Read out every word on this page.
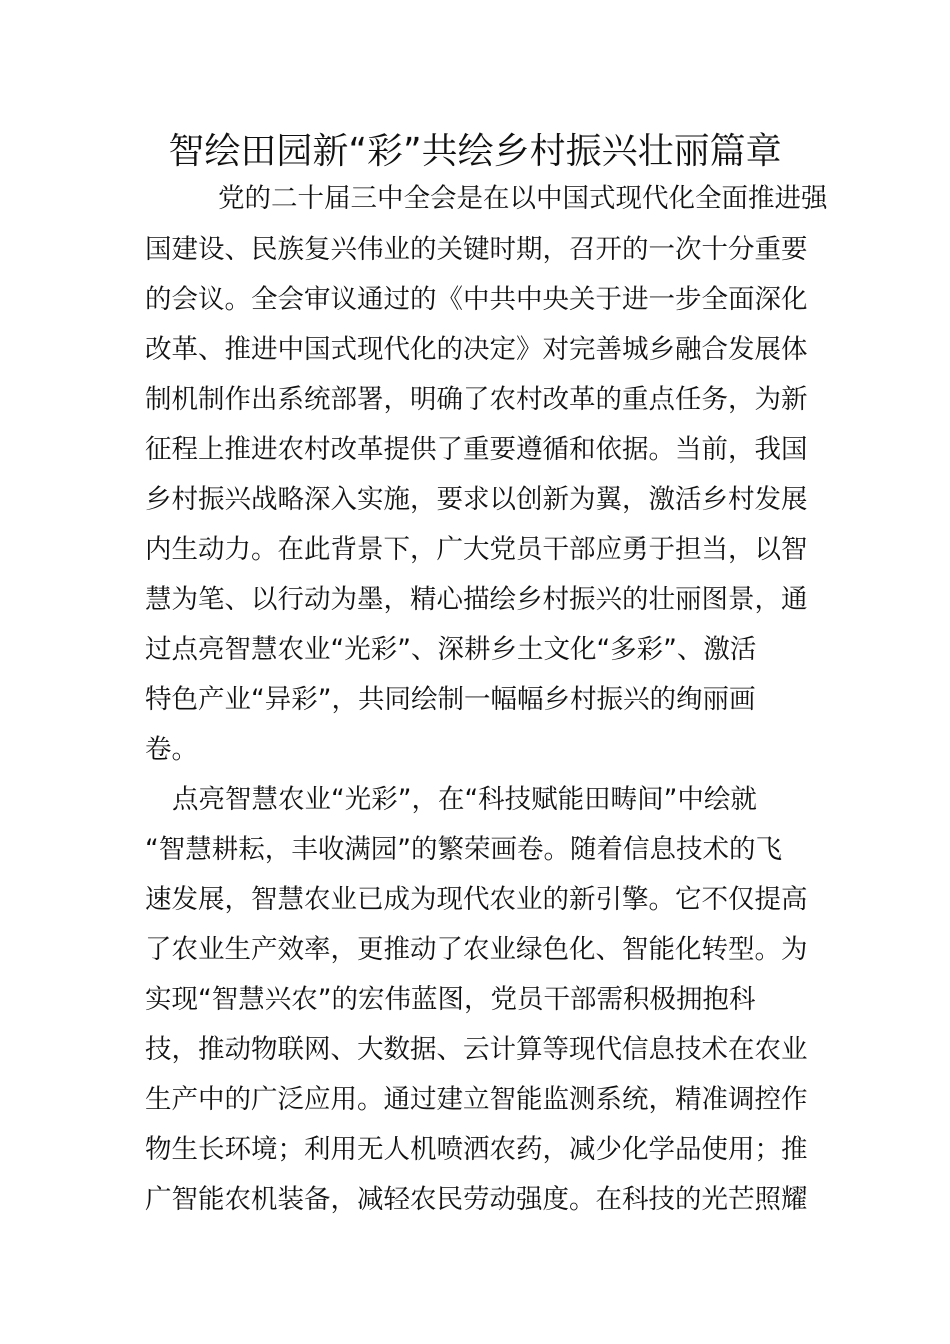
智绘田园新“彩”共绘乡村振兴壮丽篇章

党的二十届三中全会是在以中国式现代化全面推进强

国建设、民族复兴伟业的关键时期，召开的一次十分重要

的会议。全会审议通过的《中共中央关于进一步全面深化

改革、推进中国式现代化的决定》对完善城乡融合发展体

制机制作出系统部署，明确了农村改革的重点任务，为新

征程上推进农村改革提供了重要遵循和依据。当前，我国

乡村振兴战略深入实施，要求以创新为翼，激活乡村发展

内生动力。在此背景下，广大党员干部应勇于担当，以智

慧为笔、以行动为墨，精心描绘乡村振兴的壮丽图景，通

过点亮智慧农业“光彩”、深耕乡土文化“多彩”、激活

特色产业“异彩”，共同绘制一幅幅乡村振兴的绚丽画

卷。

点亮智慧农业“光彩”，在“科技赋能田畴间”中绘就

“智慧耕耘，丰收满园”的繁荣画卷。随着信息技术的飞

速发展，智慧农业已成为现代农业的新引擎。它不仅提高

了农业生产效率，更推动了农业绿色化、智能化转型。为

实现“智慧兴农”的宏伟蓝图，党员干部需积极拥抱科

技，推动物联网、大数据、云计算等现代信息技术在农业

生产中的广泛应用。通过建立智能监测系统，精准调控作

物生长环境；利用无人机喷洒农药，减少化学品使用；推

广智能农机装备，减轻农民劳动强度。在科技的光芒照耀
